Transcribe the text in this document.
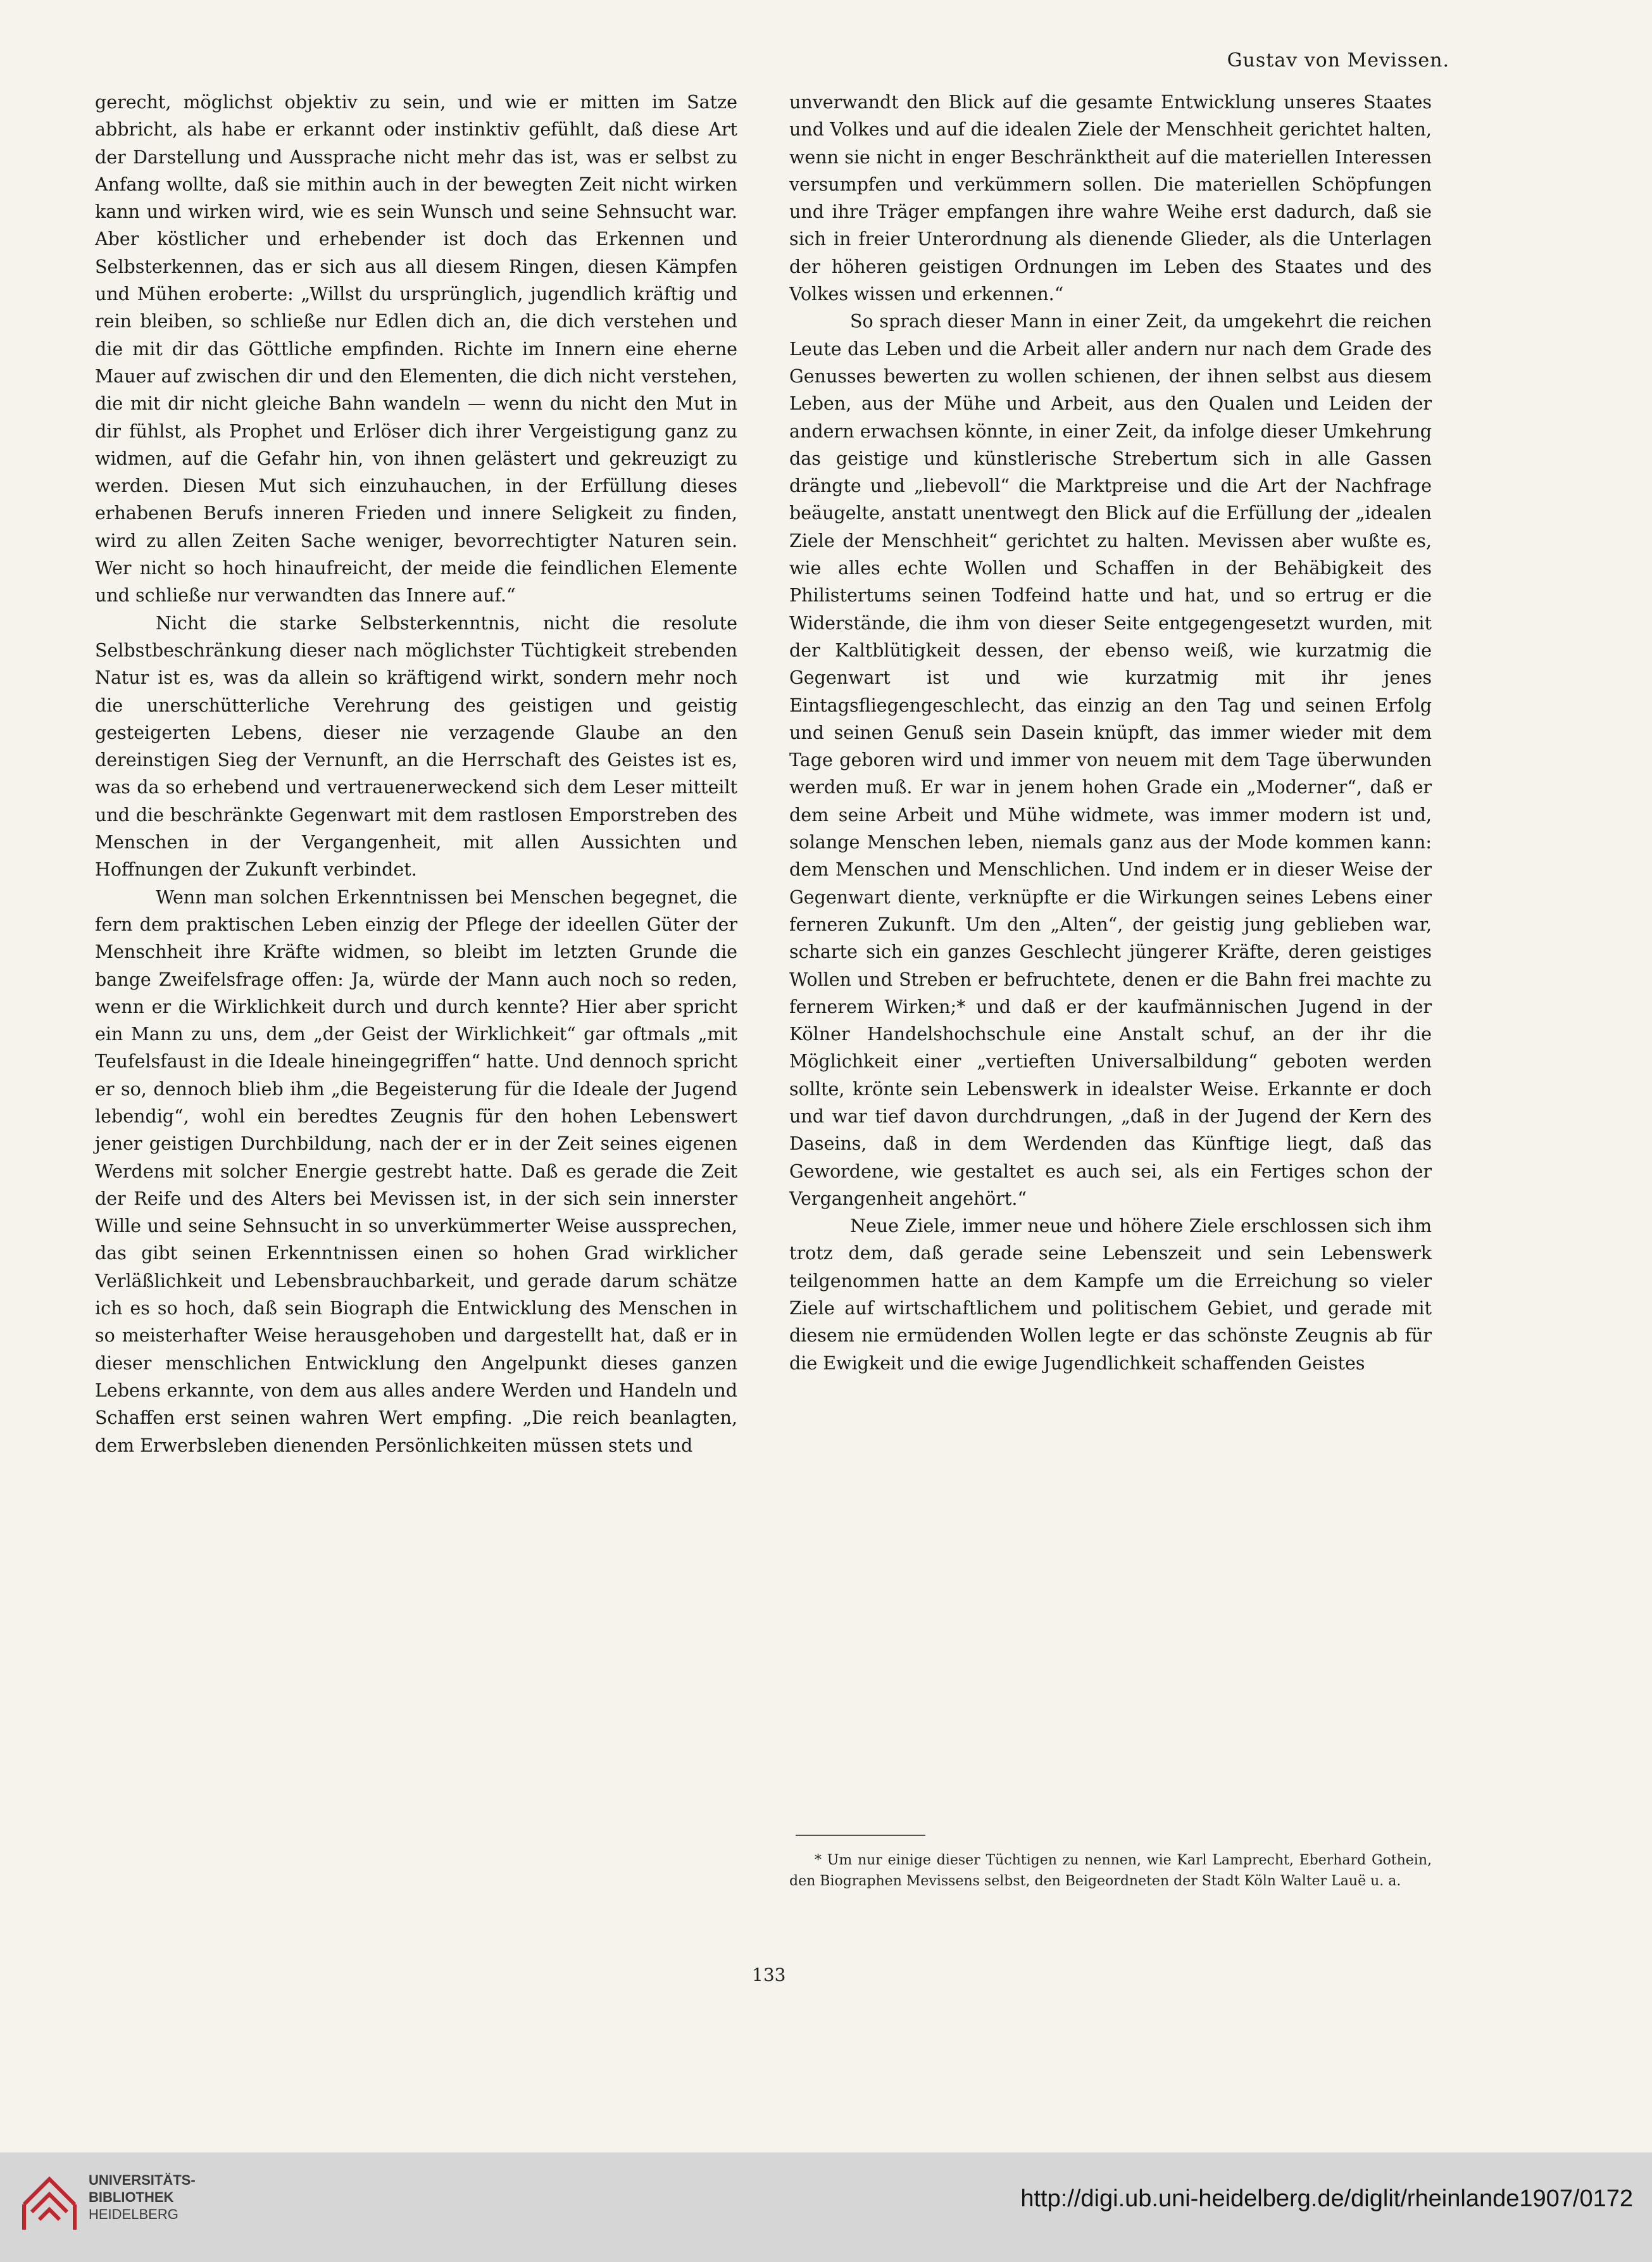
Gustav von Mevissen.

gerecht, möglichst objektiv zu sein, und wie er mitten im Satze abbricht, als habe er erkannt oder instinktiv gefühlt, daß diese Art der Darstellung und Aussprache nicht mehr das ist, was er selbst zu Anfang wollte, daß sie mithin auch in der bewegten Zeit nicht wirken kann und wirken wird, wie es sein Wunsch und seine Sehnsucht war. Aber köstlicher und erhebender ist doch das Erkennen und Selbsterkennen, das er sich aus all diesem Ringen, diesen Kämpfen und Mühen eroberte: „Willst du ursprünglich, jugendlich kräftig und rein bleiben, so schließe nur Edlen dich an, die dich verstehen und die mit dir das Göttliche empfinden. Richte im Innern eine eherne Mauer auf zwischen dir und den Elementen, die dich nicht verstehen, die mit dir nicht gleiche Bahn wandeln — wenn du nicht den Mut in dir fühlst, als Prophet und Erlöser dich ihrer Vergeistigung ganz zu widmen, auf die Gefahr hin, von ihnen gelästert und gekreuzigt zu werden. Diesen Mut sich einzuhauchen, in der Erfüllung dieses erhabenen Berufs inneren Frieden und innere Seligkeit zu finden, wird zu allen Zeiten Sache weniger, bevorrechtigter Naturen sein. Wer nicht so hoch hinaufreicht, der meide die feindlichen Elemente und schließe nur verwandten das Innere auf.“

Nicht die starke Selbsterkenntnis, nicht die resolute Selbstbeschränkung dieser nach möglichster Tüchtigkeit strebenden Natur ist es, was da allein so kräftigend wirkt, sondern mehr noch die unerschütterliche Verehrung des geistigen und geistig gesteigerten Lebens, dieser nie verzagende Glaube an den dereinstigen Sieg der Vernunft, an die Herrschaft des Geistes ist es, was da so erhebend und vertrauenerweckend sich dem Leser mitteilt und die beschränkte Gegenwart mit dem rastlosen Emporstreben des Menschen in der Vergangenheit, mit allen Aussichten und Hoffnungen der Zukunft verbindet.

Wenn man solchen Erkenntnissen bei Menschen begegnet, die fern dem praktischen Leben einzig der Pflege der ideellen Güter der Menschheit ihre Kräfte widmen, so bleibt im letzten Grunde die bange Zweifelsfrage offen: Ja, würde der Mann auch noch so reden, wenn er die Wirklichkeit durch und durch kennte? Hier aber spricht ein Mann zu uns, dem „der Geist der Wirklichkeit“ gar oftmals „mit Teufelsfaust in die Ideale hineingegriffen“ hatte. Und dennoch spricht er so, dennoch blieb ihm „die Begeisterung für die Ideale der Jugend lebendig“, wohl ein beredtes Zeugnis für den hohen Lebenswert jener geistigen Durchbildung, nach der er in der Zeit seines eigenen Werdens mit solcher Energie gestrebt hatte. Daß es gerade die Zeit der Reife und des Alters bei Mevissen ist, in der sich sein innerster Wille und seine Sehnsucht in so unverkümmerter Weise aussprechen, das gibt seinen Erkenntnissen einen so hohen Grad wirklicher Verläßlichkeit und Lebensbrauchbarkeit, und gerade darum schätze ich es so hoch, daß sein Biograph die Entwicklung des Menschen in so meisterhafter Weise herausgehoben und dargestellt hat, daß er in dieser menschlichen Entwicklung den Angelpunkt dieses ganzen Lebens erkannte, von dem aus alles andere Werden und Handeln und Schaffen erst seinen wahren Wert empfing. „Die reich beanlagten, dem Erwerbsleben dienenden Persönlichkeiten müssen stets und

unverwandt den Blick auf die gesamte Entwicklung unseres Staates und Volkes und auf die idealen Ziele der Menschheit gerichtet halten, wenn sie nicht in enger Beschränktheit auf die materiellen Interessen versumpfen und verkümmern sollen. Die materiellen Schöpfungen und ihre Träger empfangen ihre wahre Weihe erst dadurch, daß sie sich in freier Unterordnung als dienende Glieder, als die Unterlagen der höheren geistigen Ordnungen im Leben des Staates und des Volkes wissen und erkennen.“

So sprach dieser Mann in einer Zeit, da umgekehrt die reichen Leute das Leben und die Arbeit aller andern nur nach dem Grade des Genusses bewerten zu wollen schienen, der ihnen selbst aus diesem Leben, aus der Mühe und Arbeit, aus den Qualen und Leiden der andern erwachsen könnte, in einer Zeit, da infolge dieser Umkehrung das geistige und künstlerische Strebertum sich in alle Gassen drängte und „liebevoll“ die Marktpreise und die Art der Nachfrage beäugelte, anstatt unentwegt den Blick auf die Erfüllung der „idealen Ziele der Menschheit“ gerichtet zu halten. Mevissen aber wußte es, wie alles echte Wollen und Schaffen in der Behäbigkeit des Philistertums seinen Todfeind hatte und hat, und so ertrug er die Widerstände, die ihm von dieser Seite entgegengesetzt wurden, mit der Kaltblütigkeit dessen, der ebenso weiß, wie kurzatmig die Gegenwart ist und wie kurzatmig mit ihr jenes Eintagsfliegengeschlecht, das einzig an den Tag und seinen Erfolg und seinen Genuß sein Dasein knüpft, das immer wieder mit dem Tage geboren wird und immer von neuem mit dem Tage überwunden werden muß. Er war in jenem hohen Grade ein „Moderner“, daß er dem seine Arbeit und Mühe widmete, was immer modern ist und, solange Menschen leben, niemals ganz aus der Mode kommen kann: dem Menschen und Menschlichen. Und indem er in dieser Weise der Gegenwart diente, verknüpfte er die Wirkungen seines Lebens einer ferneren Zukunft. Um den „Alten“, der geistig jung geblieben war, scharte sich ein ganzes Geschlecht jüngerer Kräfte, deren geistiges Wollen und Streben er befruchtete, denen er die Bahn frei machte zu fernerem Wirken;* und daß er der kaufmännischen Jugend in der Kölner Handelshochschule eine Anstalt schuf, an der ihr die Möglichkeit einer „vertieften Universalbildung“ geboten werden sollte, krönte sein Lebenswerk in idealster Weise. Erkannte er doch und war tief davon durchdrungen, „daß in der Jugend der Kern des Daseins, daß in dem Werdenden das Künftige liegt, daß das Gewordene, wie gestaltet es auch sei, als ein Fertiges schon der Vergangenheit angehört.“

Neue Ziele, immer neue und höhere Ziele erschlossen sich ihm trotz dem, daß gerade seine Lebenszeit und sein Lebenswerk teilgenommen hatte an dem Kampfe um die Erreichung so vieler Ziele auf wirtschaftlichem und politischem Gebiet, und gerade mit diesem nie ermüdenden Wollen legte er das schönste Zeugnis ab für die Ewigkeit und die ewige Jugendlichkeit schaffenden Geistes

* Um nur einige dieser Tüchtigen zu nennen, wie Karl Lamprecht, Eberhard Gothein, den Biographen Mevissens selbst, den Beigeordneten der Stadt Köln Walter Lauë u. a.

133
UNIVERSITÄTS-
BIBLIOTHEK
HEIDELBERG
http://digi.ub.uni-heidelberg.de/diglit/rheinlande1907/0172
